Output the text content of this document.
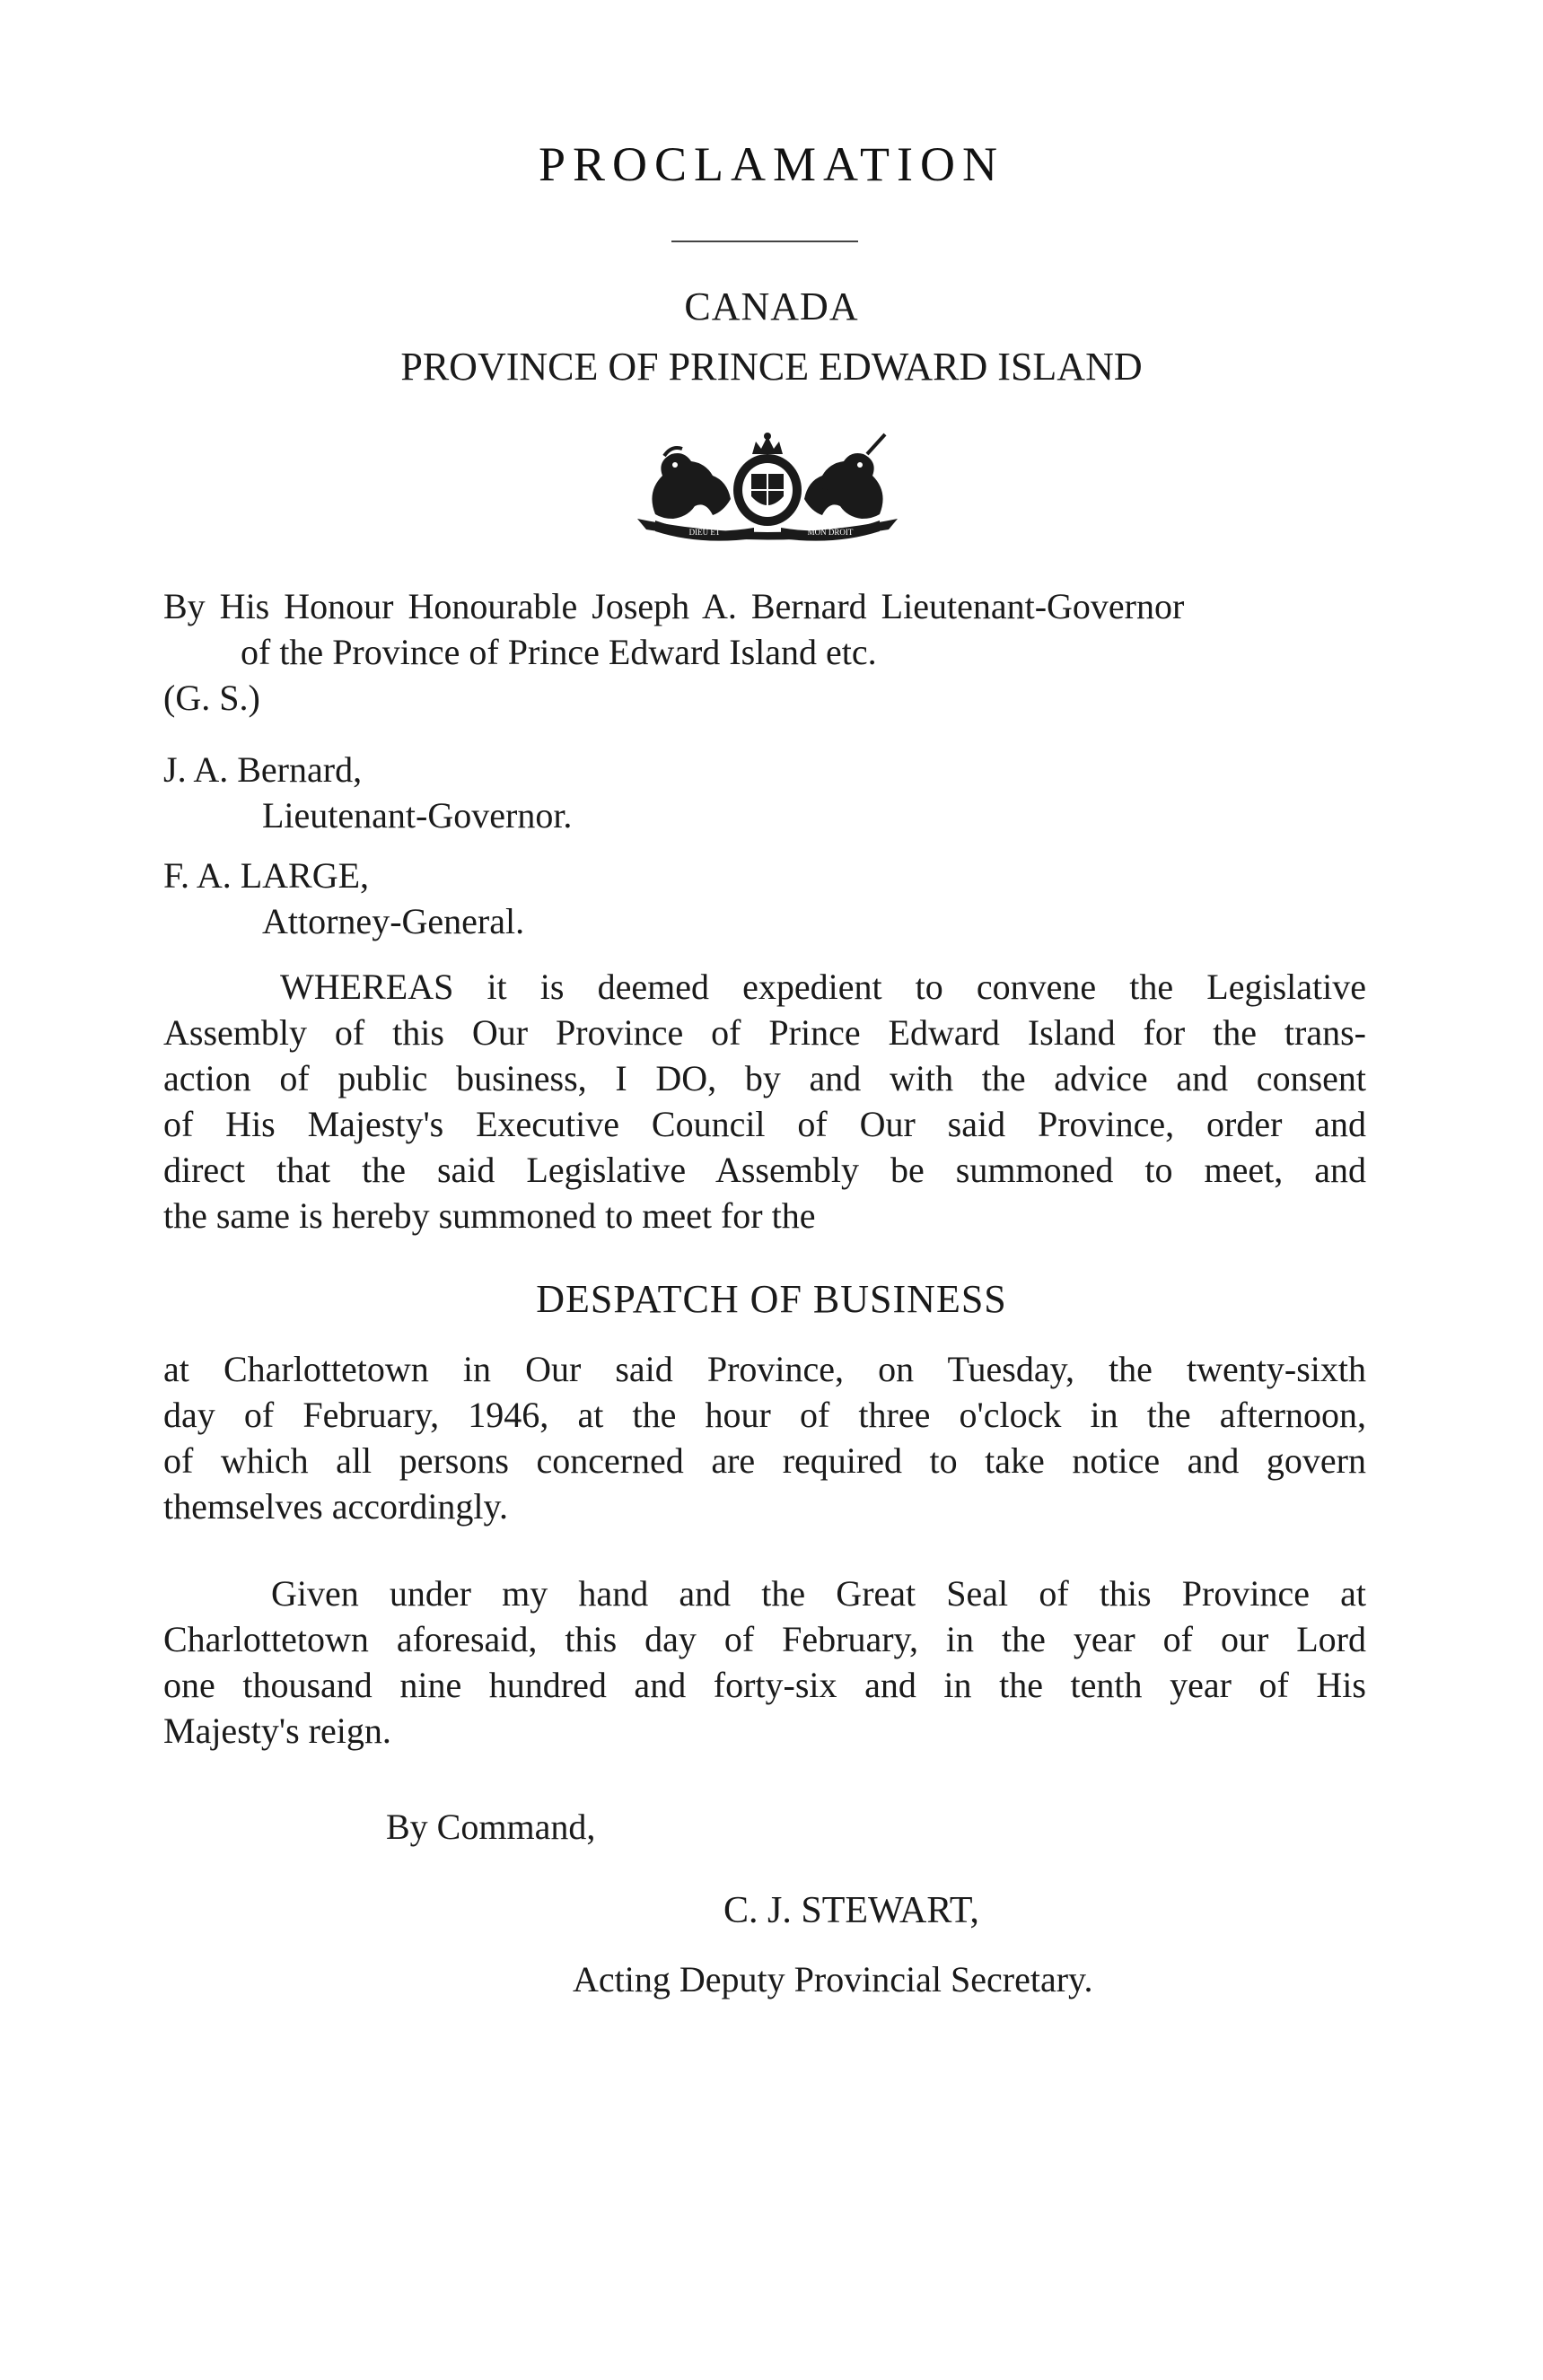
PROCLAMATION
CANADA
PROVINCE OF PRINCE EDWARD ISLAND
DIEU ET	MON DROIT
By His Honour Honourable Joseph A. Bernard Lieutenant-Governor
of the Province of Prince Edward Island etc.
(G. S.)
J. A. Bernard,
Lieutenant-Governor.
F. A. LARGE,
Attorney-General.
WHEREAS it is deemed expedient to convene the Legislative
Assembly of this Our Province of Prince Edward Island for the trans-
action of public business, I DO, by and with the advice and consent
of His Majesty's Executive Council of Our said Province, order and
direct that the said Legislative Assembly be summoned to meet, and
the same is hereby summoned to meet for the
DESPATCH OF BUSINESS
at Charlottetown in Our said Province, on Tuesday, the twenty-sixth
day of February, 1946, at the hour of three o'clock in the afternoon,
of which all persons concerned are required to take notice and govern
themselves accordingly.
Given under my hand and the Great Seal of this Province at
Charlottetown aforesaid, this day of February, in the year of our Lord
one thousand nine hundred and forty-six and in the tenth year of His
Majesty's reign.
By Command,
C. J. STEWART,
Acting Deputy Provincial Secretary.
